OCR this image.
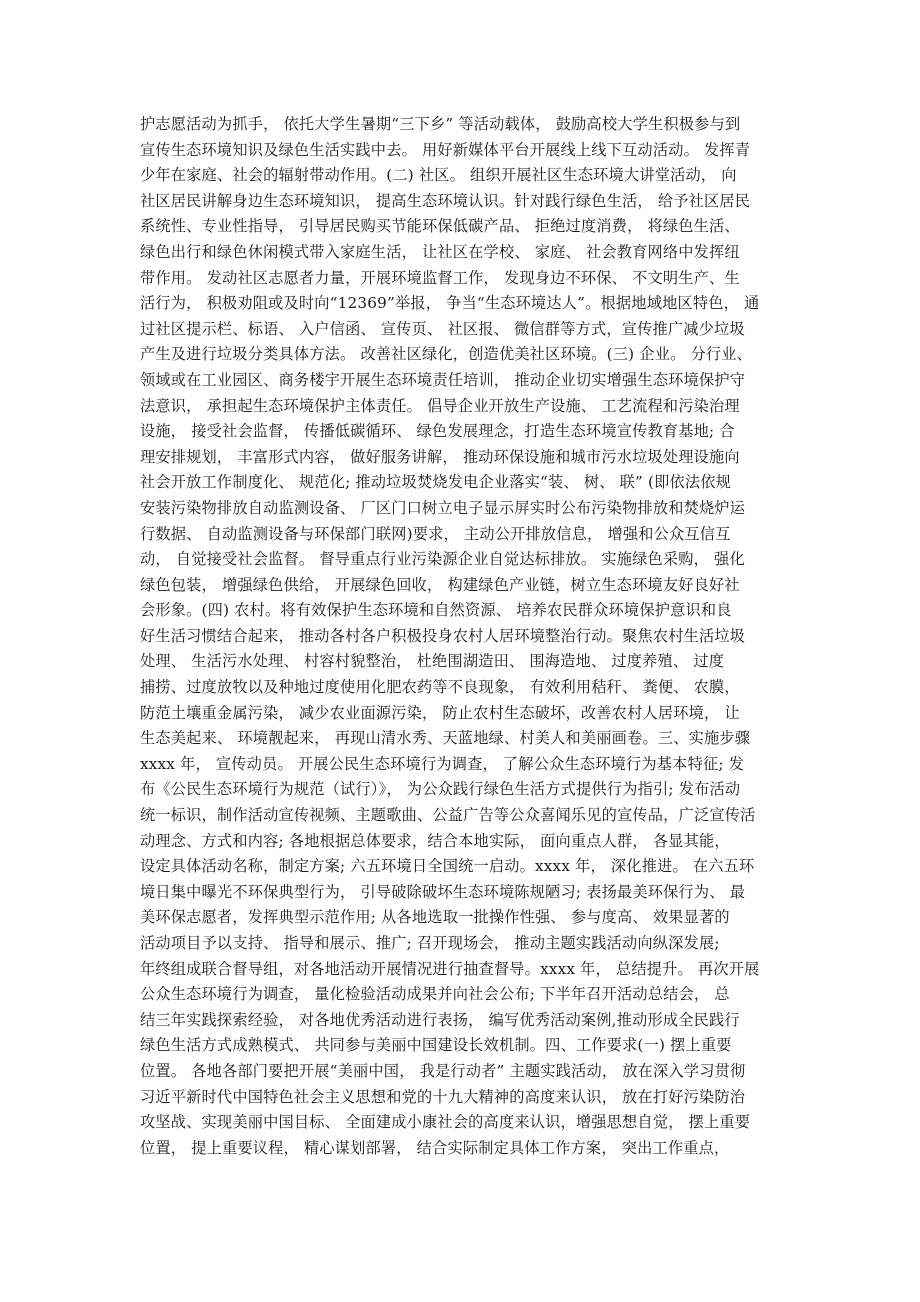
护志愿活动为抓手， 依托大学生暑期“三下乡” 等活动载体， 鼓励高校大学生积极参与到
宣传生态环境知识及绿色生活实践中去。 用好新媒体平台开展线上线下互动活动。 发挥青
少年在家庭、社会的辐射带动作用。(二) 社区。 组织开展社区生态环境大讲堂活动， 向
社区居民讲解身边生态环境知识， 提高生态环境认识。针对践行绿色生活， 给予社区居民
系统性、专业性指导， 引导居民购买节能环保低碳产品、 拒绝过度消费， 将绿色生活、
绿色出行和绿色休闲模式带入家庭生活， 让社区在学校、 家庭、 社会教育网络中发挥纽
带作用。 发动社区志愿者力量，开展环境监督工作， 发现身边不环保、 不文明生产、生
活行为， 积极劝阻或及时向“12369”举报， 争当“生态环境达人”。根据地域地区特色， 通
过社区提示栏、标语、 入户信函、 宣传页、 社区报、 微信群等方式，宣传推广减少垃圾
产生及进行垃圾分类具体方法。 改善社区绿化，创造优美社区环境。(三) 企业。 分行业、
领域或在工业园区、商务楼宇开展生态环境责任培训， 推动企业切实增强生态环境保护守
法意识， 承担起生态环境保护主体责任。 倡导企业开放生产设施、 工艺流程和污染治理
设施， 接受社会监督， 传播低碳循环、 绿色发展理念，打造生态环境宣传教育基地; 合
理安排规划， 丰富形式内容， 做好服务讲解， 推动环保设施和城市污水垃圾处理设施向
社会开放工作制度化、 规范化; 推动垃圾焚烧发电企业落实“装、 树、 联” (即依法依规
安装污染物排放自动监测设备、 厂区门口树立电子显示屏实时公布污染物排放和焚烧炉运
行数据、 自动监测设备与环保部门联网)要求， 主动公开排放信息， 增强和公众互信互
动， 自觉接受社会监督。 督导重点行业污染源企业自觉达标排放。 实施绿色采购， 强化
绿色包装， 增强绿色供给， 开展绿色回收， 构建绿色产业链，树立生态环境友好良好社
会形象。(四) 农村。将有效保护生态环境和自然资源、 培养农民群众环境保护意识和良
好生活习惯结合起来， 推动各村各户积极投身农村人居环境整治行动。聚焦农村生活垃圾
处理、 生活污水处理、 村容村貌整治， 杜绝围湖造田、 围海造地、 过度养殖、 过度
捕捞、过度放牧以及种地过度使用化肥农药等不良现象， 有效利用秸秆、 粪便、 农膜，
防范土壤重金属污染， 减少农业面源污染， 防止农村生态破坏，改善农村人居环境， 让
生态美起来、 环境靓起来， 再现山清水秀、天蓝地绿、村美人和美丽画卷。三、实施步骤
xxxx 年， 宣传动员。 开展公民生态环境行为调查， 了解公众生态环境行为基本特征; 发
布《公民生态环境行为规范（试行）》， 为公众践行绿色生活方式提供行为指引; 发布活动
统一标识，制作活动宣传视频、主题歌曲、公益广告等公众喜闻乐见的宣传品，广泛宣传活
动理念、方式和内容; 各地根据总体要求，结合本地实际， 面向重点人群， 各显其能，
设定具体活动名称，制定方案; 六五环境日全国统一启动。xxxx 年， 深化推进。 在六五环
境日集中曝光不环保典型行为， 引导破除破坏生态环境陈规陋习; 表扬最美环保行为、 最
美环保志愿者，发挥典型示范作用; 从各地选取一批操作性强、 参与度高、 效果显著的
活动项目予以支持、 指导和展示、推广; 召开现场会， 推动主题实践活动向纵深发展;
年终组成联合督导组，对各地活动开展情况进行抽查督导。xxxx 年， 总结提升。 再次开展
公众生态环境行为调查， 量化检验活动成果并向社会公布; 下半年召开活动总结会， 总
结三年实践探索经验， 对各地优秀活动进行表扬， 编写优秀活动案例,推动形成全民践行
绿色生活方式成熟模式、 共同参与美丽中国建设长效机制。四、工作要求(一) 摆上重要
位置。 各地各部门要把开展“美丽中国， 我是行动者” 主题实践活动， 放在深入学习贯彻
习近平新时代中国特色社会主义思想和党的十九大精神的高度来认识， 放在打好污染防治
攻坚战、实现美丽中国目标、 全面建成小康社会的高度来认识，增强思想自觉， 摆上重要
位置， 提上重要议程， 精心谋划部署， 结合实际制定具体工作方案， 突出工作重点，
